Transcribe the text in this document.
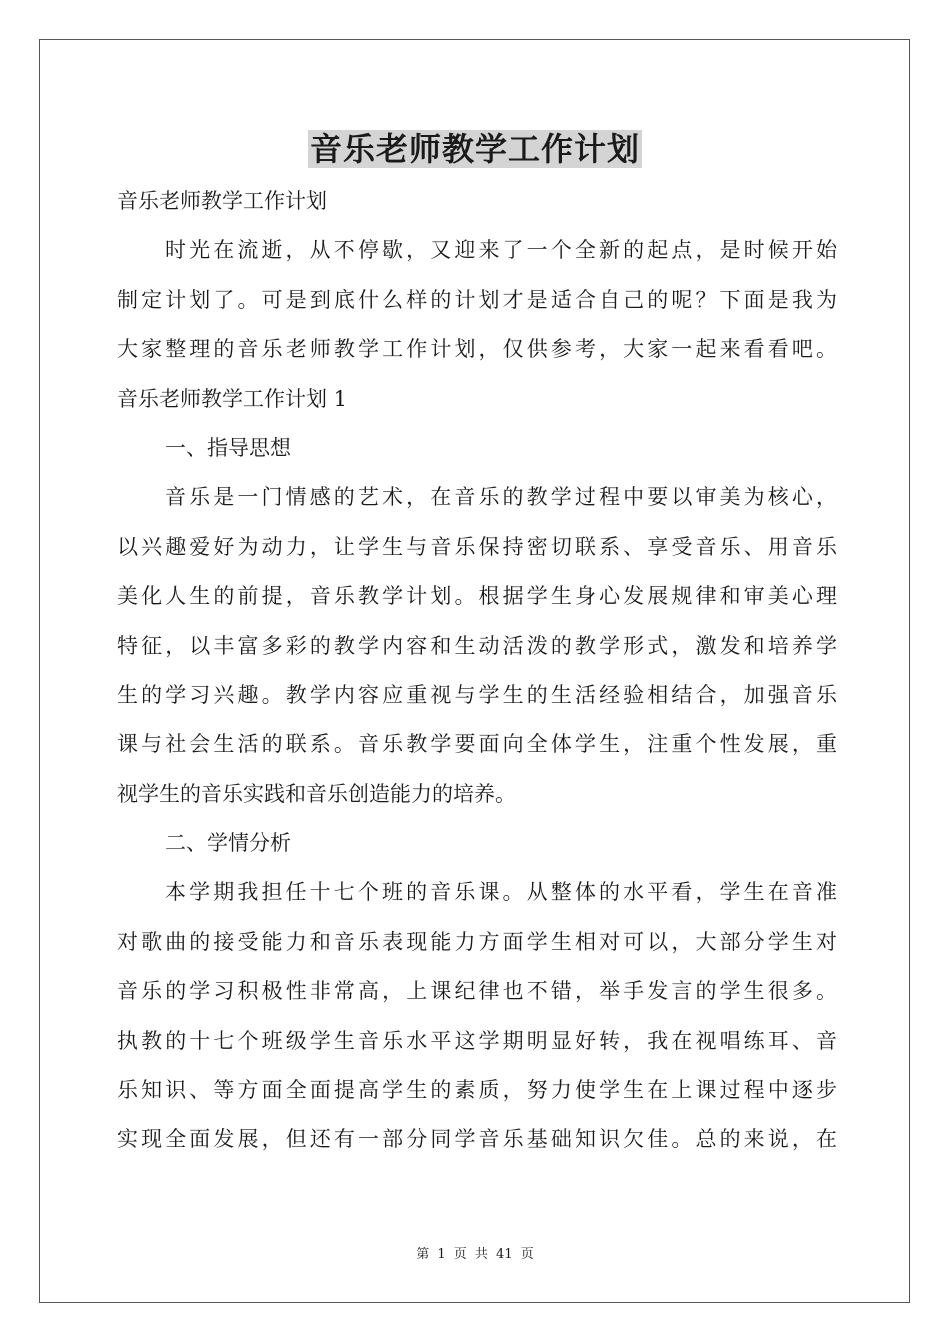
音乐老师教学工作计划
音乐老师教学工作计划
时光在流逝，从不停歇，又迎来了一个全新的起点，是时候开始
制定计划了。可是到底什么样的计划才是适合自己的呢？下面是我为
大家整理的音乐老师教学工作计划，仅供参考，大家一起来看看吧。
音乐老师教学工作计划 1
一、指导思想
音乐是一门情感的艺术，在音乐的教学过程中要以审美为核心，
以兴趣爱好为动力，让学生与音乐保持密切联系、享受音乐、用音乐
美化人生的前提，音乐教学计划。根据学生身心发展规律和审美心理
特征，以丰富多彩的教学内容和生动活泼的教学形式，激发和培养学
生的学习兴趣。教学内容应重视与学生的生活经验相结合，加强音乐
课与社会生活的联系。音乐教学要面向全体学生，注重个性发展，重
视学生的音乐实践和音乐创造能力的培养。
二、学情分析
本学期我担任十七个班的音乐课。从整体的水平看，学生在音准
对歌曲的接受能力和音乐表现能力方面学生相对可以，大部分学生对
音乐的学习积极性非常高，上课纪律也不错，举手发言的学生很多。
执教的十七个班级学生音乐水平这学期明显好转，我在视唱练耳、音
乐知识、等方面全面提高学生的素质，努力使学生在上课过程中逐步
实现全面发展，但还有一部分同学音乐基础知识欠佳。总的来说，在
第 1 页 共 41 页
